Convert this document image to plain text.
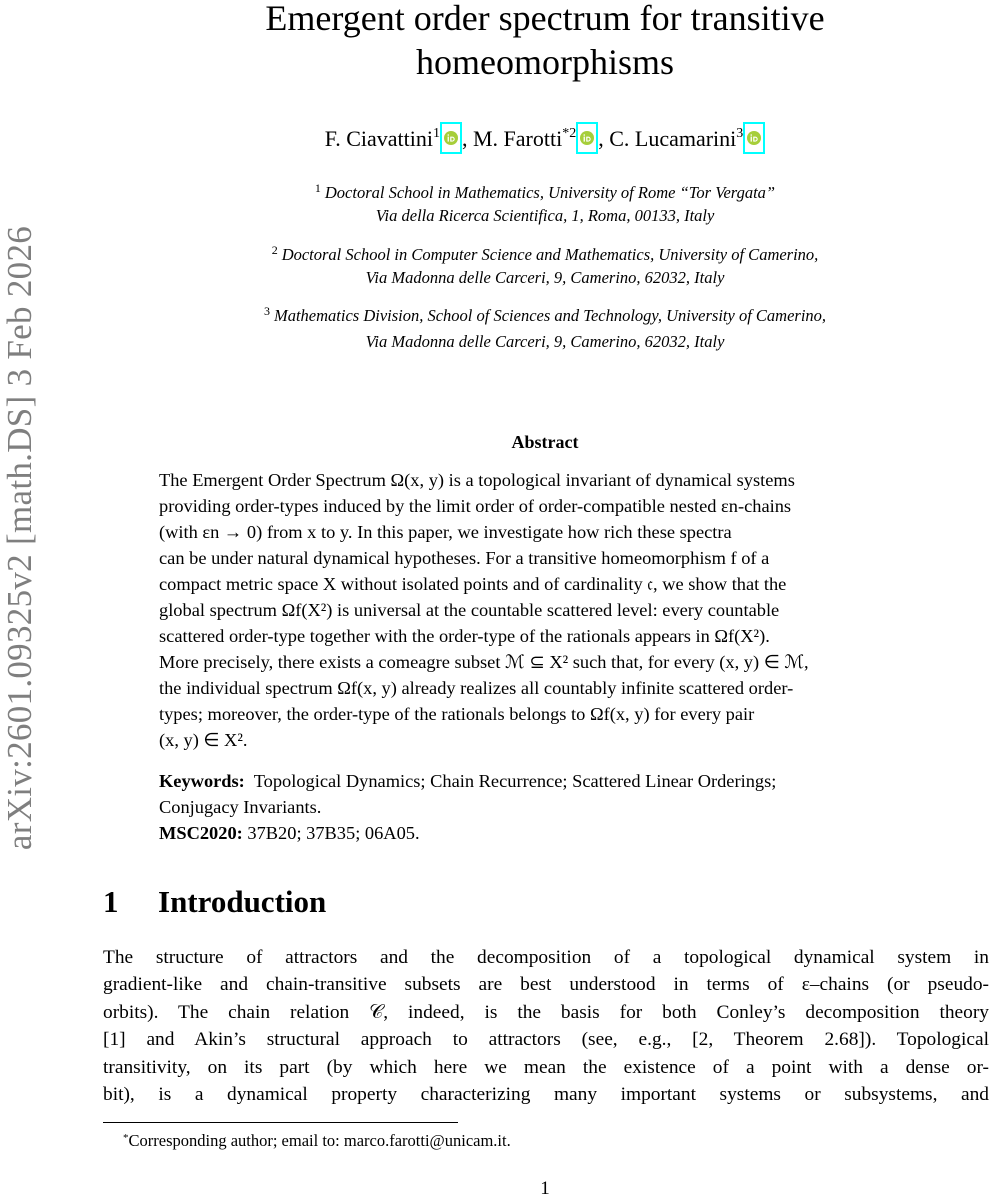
arXiv:2601.09325v2 [math.DS] 3 Feb 2026
Emergent order spectrum for transitive
homeomorphisms
F. Ciavattini$^1$ , M. Farotti$^{*2}$ , C. Lucamarini$^3$
$^1$ Doctoral School in Mathematics, University of Rome “Tor Vergata”
Via della Ricerca Scientifica, 1, Roma, 00133, Italy
$^2$ Doctoral School in Computer Science and Mathematics, University of Camerino,
Via Madonna delle Carceri, 9, Camerino, 62032, Italy
$^3$ Mathematics Division, School of Sciences and Technology, University of Camerino,
Via Madonna delle Carceri, 9, Camerino, 62032, Italy
Abstract
The Emergent Order Spectrum Ω(x, y) is a topological invariant of dynamical systems
providing order-types induced by the limit order of order-compatible nested εn-chains
(with εn → 0) from x to y. In this paper, we investigate how rich these spectra
can be under natural dynamical hypotheses. For a transitive homeomorphism f of a
compact metric space X without isolated points and of cardinality 𝔠, we show that the
global spectrum Ωf(X²) is universal at the countable scattered level: every countable
scattered order-type together with the order-type of the rationals appears in Ωf(X²).
More precisely, there exists a comeagre subset ℳ ⊆ X² such that, for every (x, y) ∈ ℳ,
the individual spectrum Ωf(x, y) already realizes all countably infinite scattered order-
types; moreover, the order-type of the rationals belongs to Ωf(x, y) for every pair
(x, y) ∈ X².
Keywords: Topological Dynamics; Chain Recurrence; Scattered Linear Orderings;
Conjugacy Invariants.
MSC2020: 37B20; 37B35; 06A05.
1 Introduction
The structure of attractors and the decomposition of a topological dynamical system in
gradient-like and chain-transitive subsets are best understood in terms of ε–chains (or pseudo-
orbits). The chain relation 𝒞, indeed, is the basis for both Conley’s decomposition theory
[1] and Akin’s structural approach to attractors (see, e.g., [2, Theorem 2.68]). Topological
transitivity, on its part (by which here we mean the existence of a point with a dense or-
bit), is a dynamical property characterizing many important systems or subsystems, and
*Corresponding author; email to: marco.farotti@unicam.it.
1
